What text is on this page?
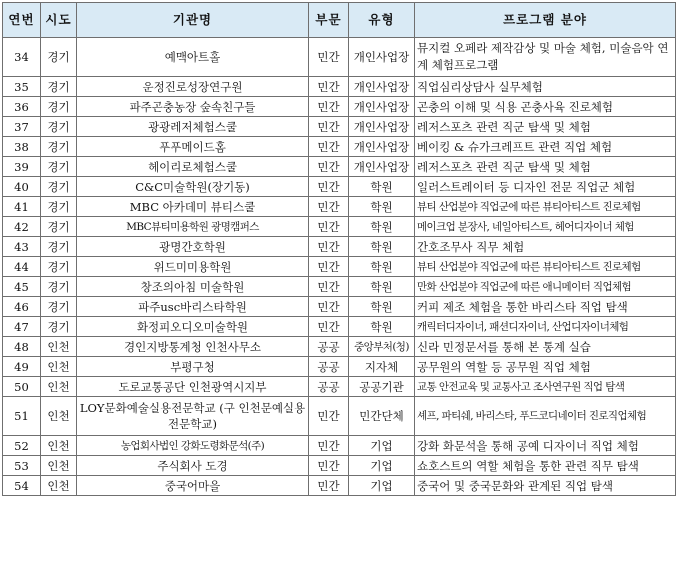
연번	시도	기관명	부문	유형	프로그램 분야
34	경기	예맥아트홀	민간	개인사업장	뮤지컬 오페라 제작감상 및 마술 체험, 미술음악 연계 체험프로그램
35	경기	운정진로성장연구원	민간	개인사업장	직업심리상담사 실무체험
36	경기	파주곤충농장 숲속친구들	민간	개인사업장	곤충의 이해 및 식용 곤충사육 진로체험
37	경기	광광레저체험스쿨	민간	개인사업장	레저스포츠 관련 직군 탐색 및 체험
38	경기	푸푸메이드홈	민간	개인사업장	베이킹 & 슈가크레프트 관련 직업 체험
39	경기	헤이리로체험스쿨	민간	개인사업장	레저스포츠 관련 직군 탐색 및 체험
40	경기	C&C미술학원(장기동)	민간	학원	일러스트레이터 등 디자인 전문 직업군 체험
41	경기	MBC 아카데미 뷰티스쿨	민간	학원	뷰티 산업분야 직업군에 따른 뷰티아티스트 진로체험
42	경기	MBC뷰티미용학원 광명캠퍼스	민간	학원	메이크업 분장사, 네일아티스트, 헤어디자이너 체험
43	경기	광명간호학원	민간	학원	간호조무사 직무 체험
44	경기	위드미미용학원	민간	학원	뷰티 산업분야 직업군에 따른 뷰티아티스트 진로체험
45	경기	창조의아침 미술학원	민간	학원	만화 산업분야 직업군에 따른 애니메이터 직업체험
46	경기	파주usc바리스타학원	민간	학원	커피 제조 체험을 통한 바리스타 직업 탐색
47	경기	화정피오디오미술학원	민간	학원	캐릭터디자이너, 패션디자이너, 산업디자이너체험
48	인천	경인지방통계청 인천사무소	공공	중앙부처(청)	신라 민정문서를 통해 본 통계 실습
49	인천	부평구청	공공	지자체	공무원의 역할 등 공무원 직업 체험
50	인천	도로교통공단 인천광역시지부	공공	공공기관	교통 안전교육 및 교통사고 조사연구원 직업 탐색
51	인천	LOY문화예술실용전문학교 (구 인천문예실용전문학교)	민간	민간단체	셰프, 파티쉐, 바리스타, 푸드코디네이터 진로직업체험
52	인천	농업회사법인 강화도령화문석(주)	민간	기업	강화 화문석을 통해 공예 디자이너 직업 체험
53	인천	주식회사 도경	민간	기업	쇼호스트의 역할 체험을 통한 관련 직무 탐색
54	인천	중국어마을	민간	기업	중국어 및 중국문화와 관계된 직업 탐색
